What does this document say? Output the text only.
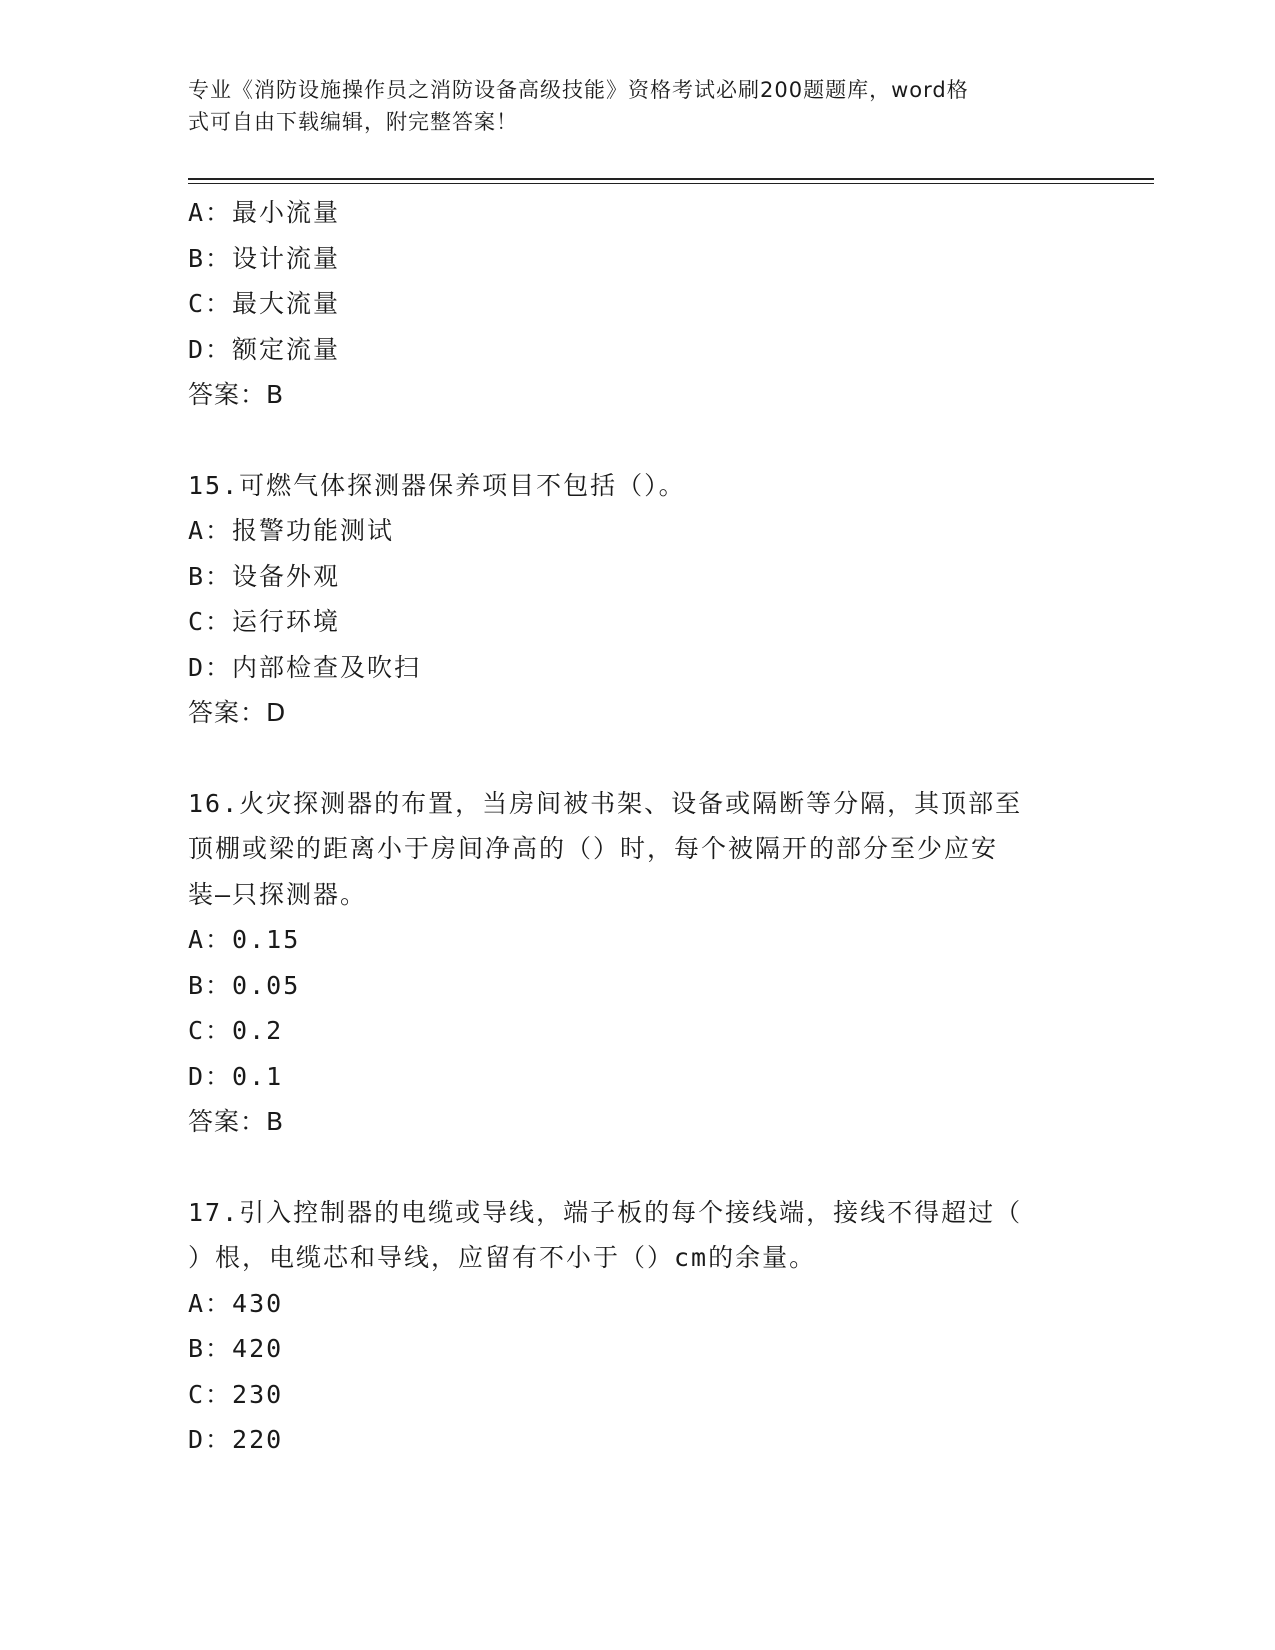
专业《消防设施操作员之消防设备高级技能》资格考试必刷200题题库，word格
式可自由下载编辑，附完整答案！
A：最小流量
B：设计流量
C：最大流量
D：额定流量
答案：B
15.可燃气体探测器保养项目不包括（）。
A：报警功能测试
B：设备外观
C：运行环境
D：内部检查及吹扫
答案：D
16.火灾探测器的布置，当房间被书架、设备或隔断等分隔，其顶部至
顶棚或梁的距离小于房间净高的（）时，每个被隔开的部分至少应安
装—只探测器。
A：0.15
B：0.05
C：0.2
D：0.1
答案：B
17.引入控制器的电缆或导线，端子板的每个接线端，接线不得超过（
）根，电缆芯和导线，应留有不小于（）cm的余量。
A：430
B：420
C：230
D：220
